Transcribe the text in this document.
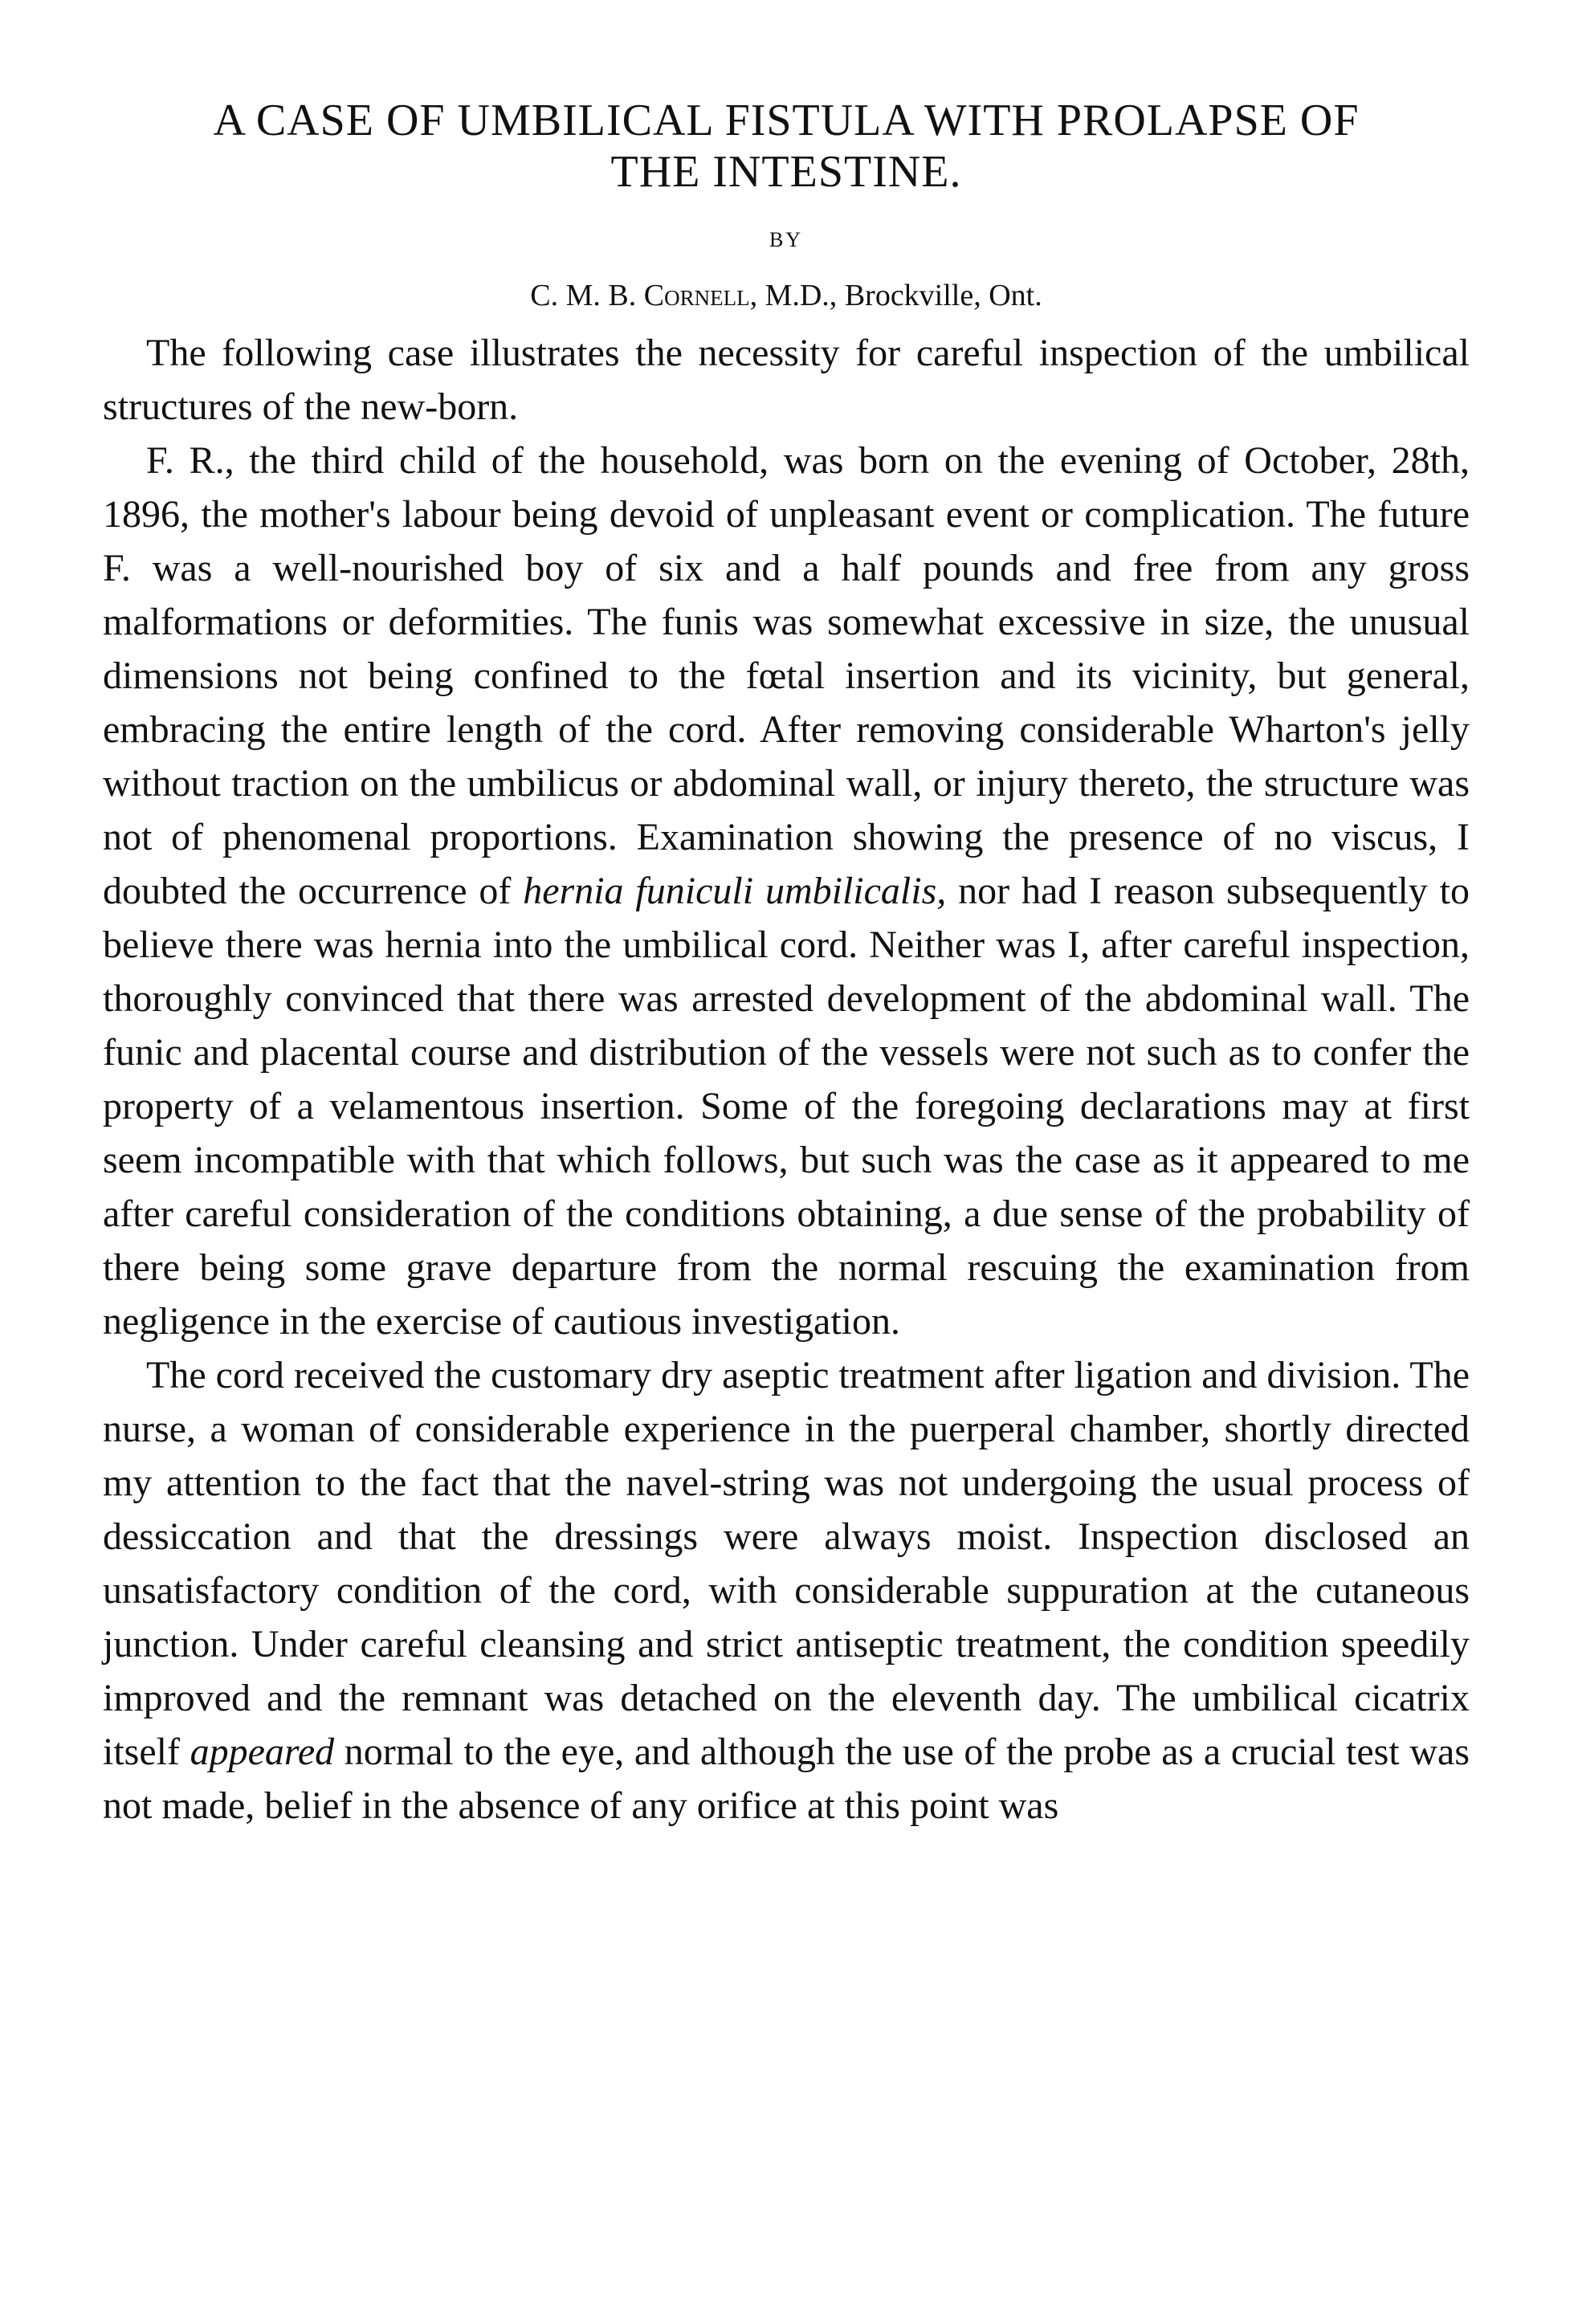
A CASE OF UMBILICAL FISTULA WITH PROLAPSE OF
THE INTESTINE.
BY
C. M. B. Cornell, M.D., Brockville, Ont.

The following case illustrates the necessity for careful inspection of the umbilical structures of the new-born.

F. R., the third child of the household, was born on the evening of October, 28th, 1896, the mother's labour being devoid of unpleasant event or complication. The future F. was a well-nourished boy of six and a half pounds and free from any gross malformations or deformities. The funis was somewhat excessive in size, the unusual dimensions not being confined to the fœtal insertion and its vicinity, but general, embracing the entire length of the cord. After removing considerable Wharton's jelly without traction on the umbilicus or abdominal wall, or injury thereto, the structure was not of phenomenal proportions. Examination showing the presence of no viscus, I doubted the occurrence of hernia funiculi umbilicalis, nor had I reason subsequently to believe there was hernia into the umbilical cord. Neither was I, after careful inspection, thoroughly convinced that there was arrested development of the abdominal wall. The funic and placental course and distribution of the vessels were not such as to confer the property of a velamentous insertion. Some of the foregoing declarations may at first seem incompatible with that which follows, but such was the case as it appeared to me after careful consideration of the conditions obtaining, a due sense of the probability of there being some grave departure from the normal rescuing the examination from negligence in the exercise of cautious investigation.

The cord received the customary dry aseptic treatment after ligation and division. The nurse, a woman of considerable experience in the puerperal chamber, shortly directed my attention to the fact that the navel-string was not undergoing the usual process of dessiccation and that the dressings were always moist. Inspection disclosed an unsatisfactory condition of the cord, with considerable suppuration at the cutaneous junction. Under careful cleansing and strict antiseptic treatment, the condition speedily improved and the remnant was detached on the eleventh day. The umbilical cicatrix itself appeared normal to the eye, and although the use of the probe as a crucial test was not made, belief in the absence of any orifice at this point was
